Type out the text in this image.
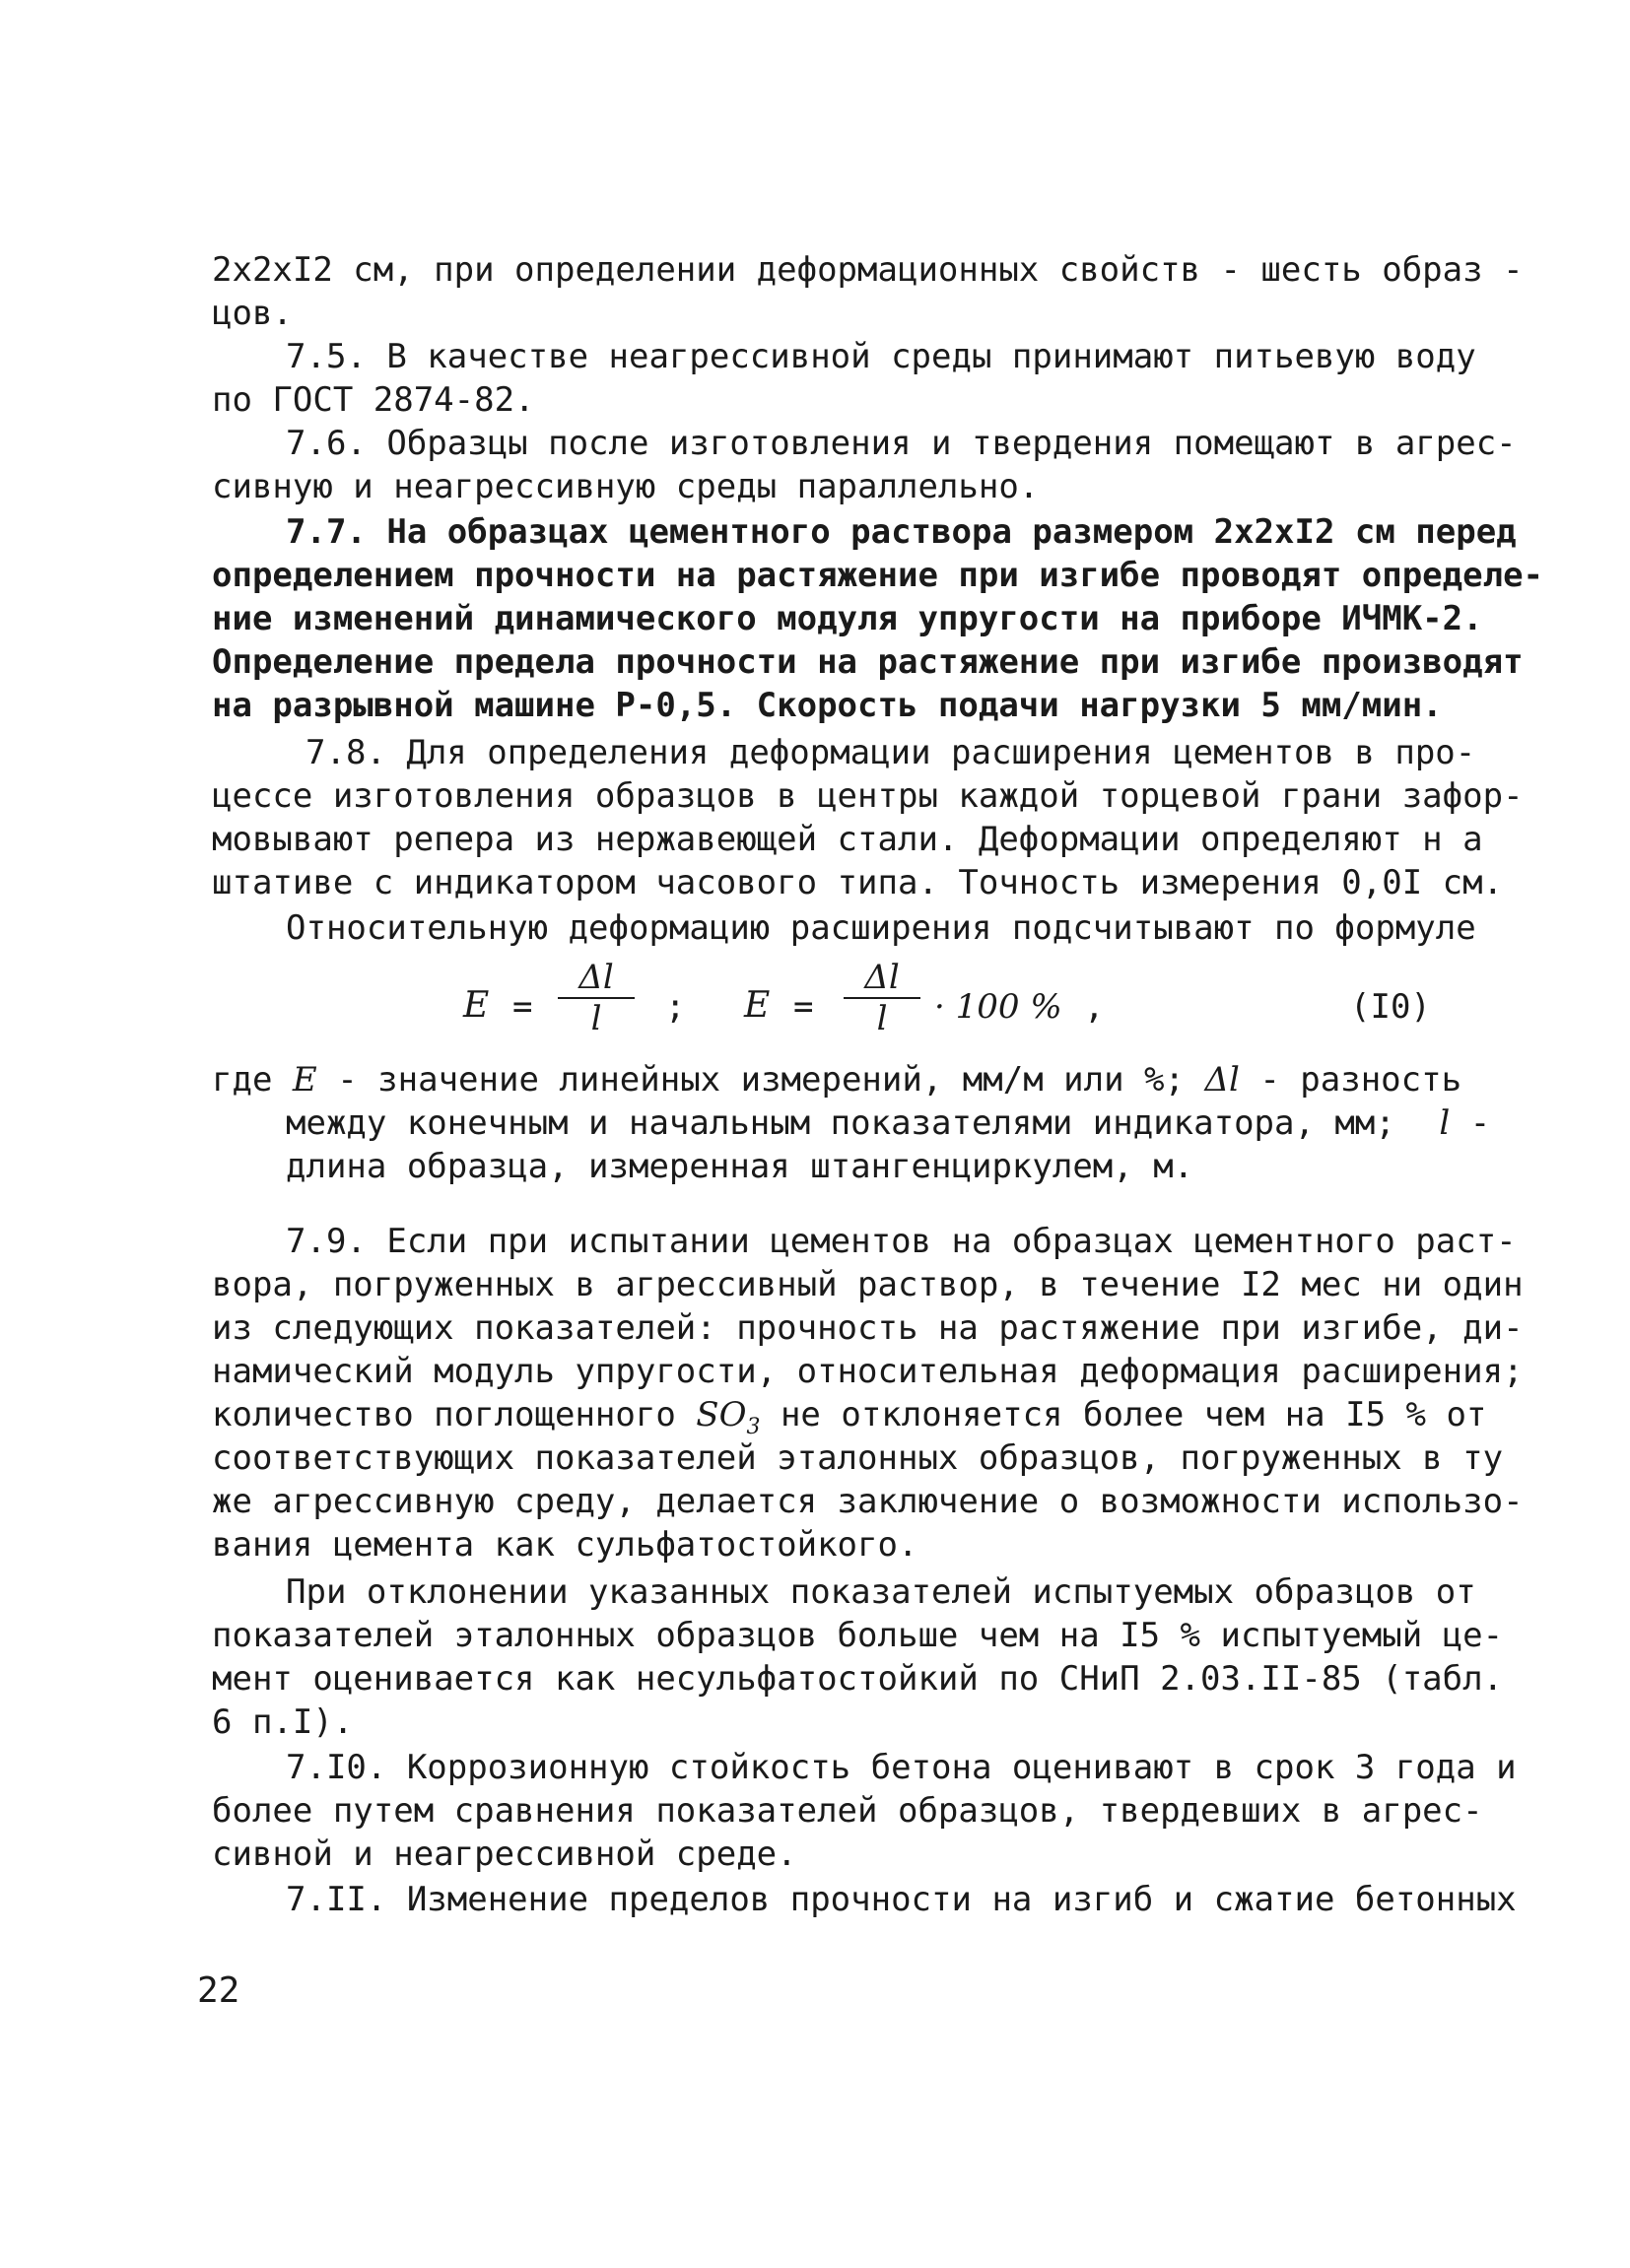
2x2xI2 см, при определении деформационных свойств - шесть образ -
цов.
7.5. В качестве неагрессивной среды принимают питьевую воду
по ГОСТ 2874-82.
7.6. Образцы после изготовления и твердения помещают в агрес-
сивную и неагрессивную среды параллельно.
7.7. На образцах цементного раствора размером 2x2xI2 см перед
определением прочности на растяжение при изгибе проводят определе-
ние изменений динамического модуля упругости на приборе ИЧМК-2.
Определение предела прочности на растяжение при изгибе производят
на разрывной машине Р-0,5. Скорость подачи нагрузки 5 мм/мин.
7.8. Для определения деформации расширения цементов в про-
цессе изготовления образцов в центры каждой торцевой грани зафор-
мовывают репера из нержавеющей стали. Деформации определяют н а
штативе с индикатором часового типа. Точность измерения 0,0I см.
Относительную деформацию расширения подсчитывают по формуле
E =
Δl
l	; E =
Δl
l	· 100 % ,	(I0)
где E - значение линейных измерений, мм/м или %; Δl - разность
между конечным и начальным показателями индикатора, мм; l -
длина образца, измеренная штангенциркулем, м.
7.9. Если при испытании цементов на образцах цементного раст-
вора, погруженных в агрессивный раствор, в течение I2 мес ни один
из следующих показателей: прочность на растяжение при изгибе, ди-
намический модуль упругости, относительная деформация расширения;
количество поглощенного $SO_3$ не отклоняется более чем на I5 % от
соответствующих показателей эталонных образцов, погруженных в ту
же агрессивную среду, делается заключение о возможности использо-
вания цемента как сульфатостойкого.
При отклонении указанных показателей испытуемых образцов от
показателей эталонных образцов больше чем на I5 % испытуемый це-
мент оценивается как несульфатостойкий по СНиП 2.03.II-85 (табл.
6 п.I).
7.I0. Коррозионную стойкость бетона оценивают в срок 3 года и
более путем сравнения показателей образцов, твердевших в агрес-
сивной и неагрессивной среде.
7.II. Изменение пределов прочности на изгиб и сжатие бетонных
22
